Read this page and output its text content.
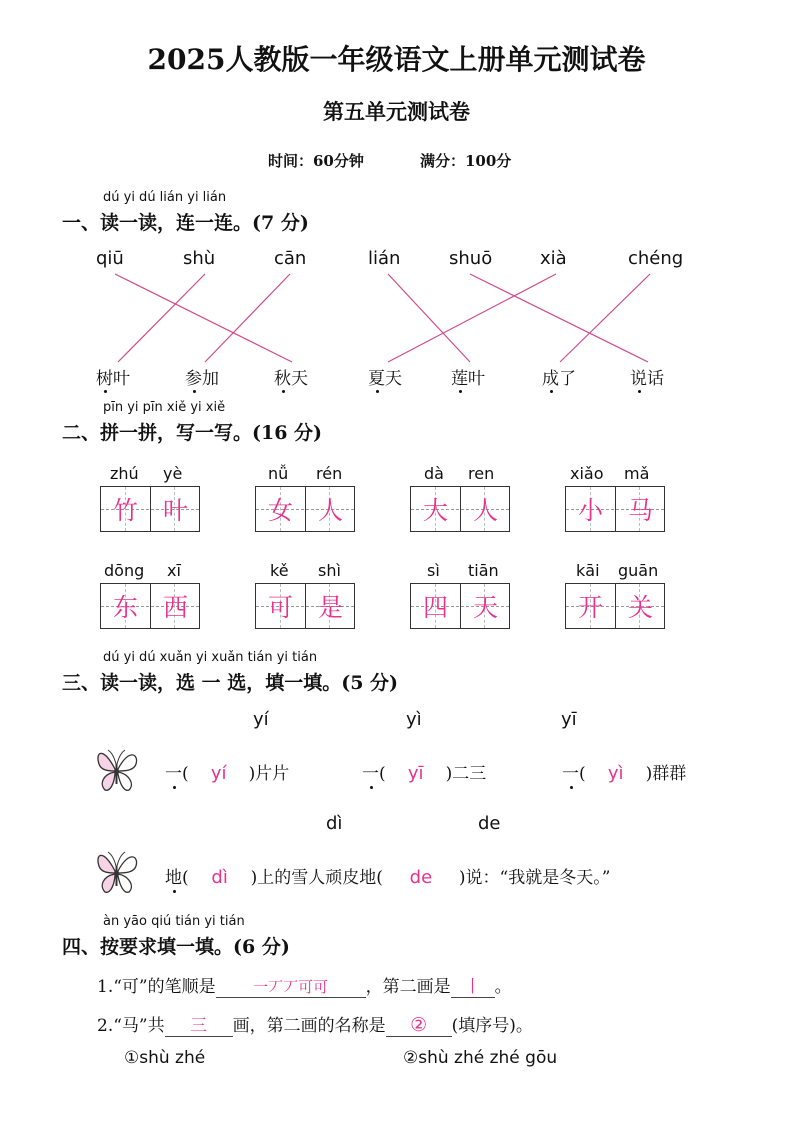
2025人教版一年级语文上册单元测试卷
第五单元测试卷
时间：60分钟	满分：100分
dú yi dú lián yi lián
一、读一读，连一连。(7 分)
qiū	shù	cān	lián	shuō	xià	chéng
树叶	参加	秋天	夏天	莲叶	成了	说话
pīn yi pīn xiě yi xiě
二、拼一拼，写一写。(16 分)
zhú yè
竹 叶
nǚ rén
女 人
dà ren
大 人
xiǎo mǎ
小 马
dōng xī
东 西
kě shì
可 是
sì tiān
四 天
kāi guān
开 关
dú yi dú xuǎn yi xuǎn tián yi tián
三、读一读，选 一 选，填一填。(5 分)
yí	yì	yī
一( yí )片片	一( yī )二三	一( yì )群群
dì	de
地( dì )上的雪人顽皮地( de )说：“我就是冬天。”
àn yāo qiú tián yi tián
四、按要求填一填。(6 分)
1.“可”的笔顺是 一丆丆可可 ，第二画是 丨 。
2.“马”共 三 画，第二画的名称是 ② (填序号)。
①shù zhé	②shù zhé zhé gōu
